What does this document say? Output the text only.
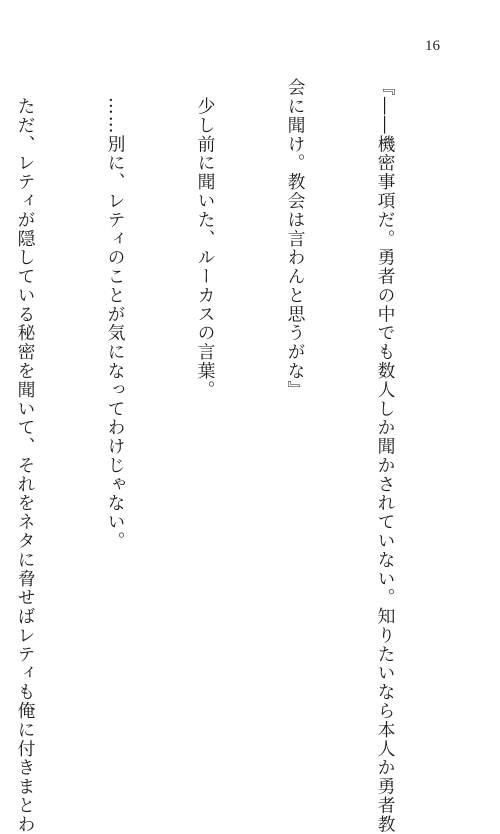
16

『――機密事項だ。勇者の中でも数人しか聞かされていない。知りたいなら本人か勇者教

会に聞け。教会は言わんと思うがな』

　少し前に聞いた、ルーカスの言葉。

　……別に、レティのことが気になってわけじゃない。

　ただ、レティが隠している秘密を聞いて、それをネタに脅せばレティも俺に付きまとわ
